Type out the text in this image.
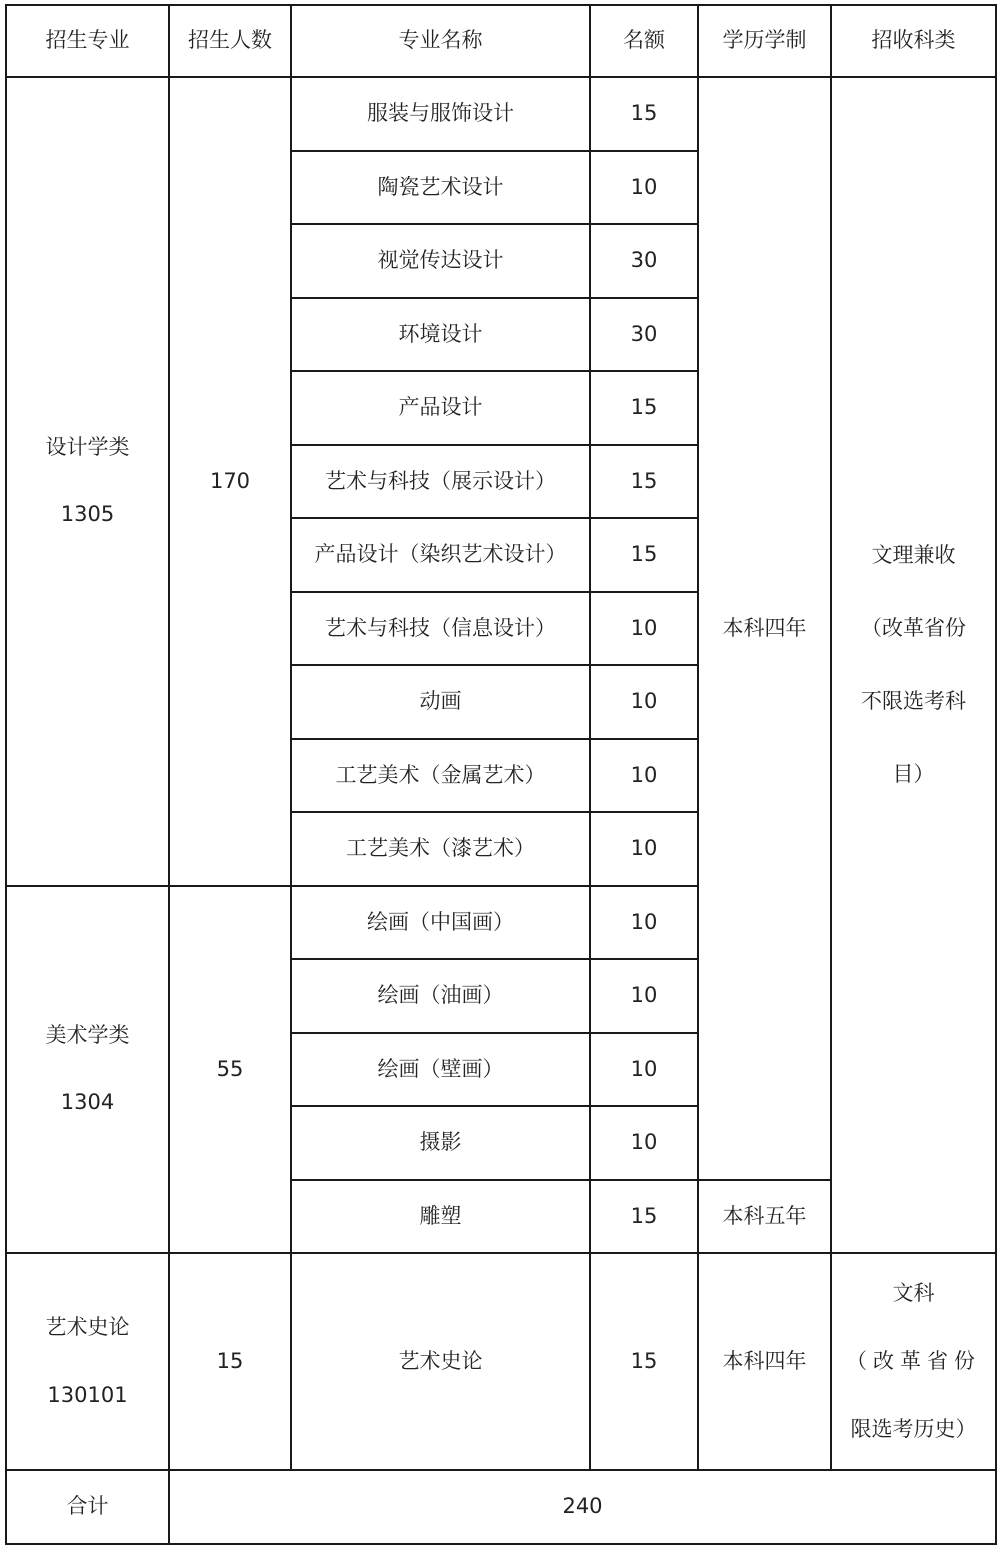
招生专业	招生人数	专业名称	名额	学历学制	招收科类

设计学类
1305	170	服装与服饰设计	15	本科四年	文理兼收
（改革省份
不限选考科
目）

		陶瓷艺术设计	10		
		视觉传达设计	30		
		环境设计	30		
		产品设计	15		
		艺术与科技（展示设计）	15		
		产品设计（染织艺术设计）	15		
		艺术与科技（信息设计）	10		
		动画	10		
		工艺美术（金属艺术）	10		
		工艺美术（漆艺术）	10		

美术学类
1304	55	绘画（中国画）	10		
		绘画（油画）	10		
		绘画（壁画）	10		
		摄影	10		
		雕塑	15	本科五年	

艺术史论
130101	15	艺术史论	15	本科四年	文科
（改革省份
限选考历史）

合计	240				
